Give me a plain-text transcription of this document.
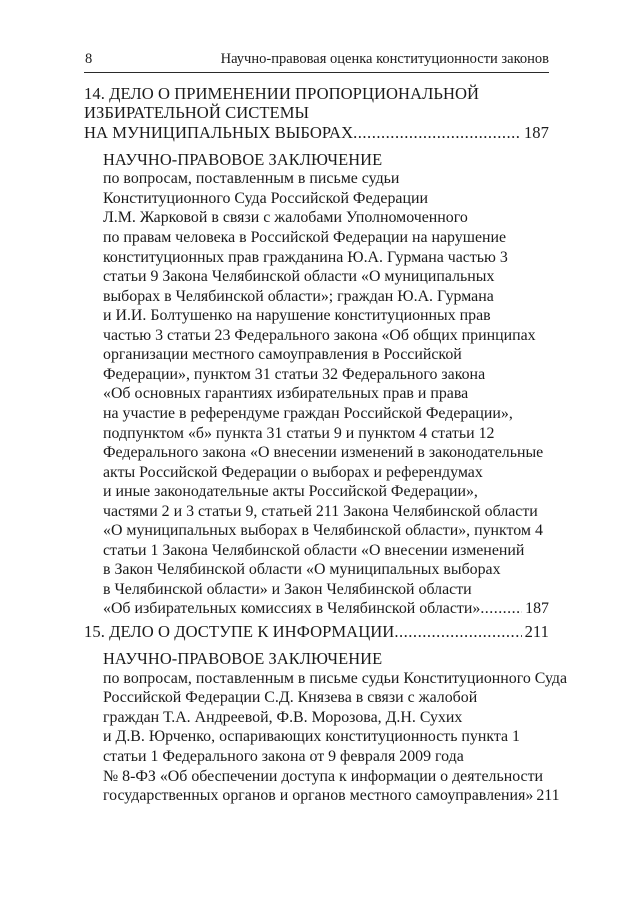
8	Научно-правовая оценка конституционности законов
14. ДЕЛО О ПРИМЕНЕНИИ ПРОПОРЦИОНАЛЬНОЙ
ИЗБИРАТЕЛЬНОЙ СИСТЕМЫ
НА МУНИЦИПАЛЬНЫХ ВЫБОРАХ .....	187
НАУЧНО-ПРАВОВОЕ ЗАКЛЮЧЕНИЕ
по вопросам, поставленным в письме судьи
Конституционного Суда Российской Федерации
Л.М. Жарковой в связи с жалобами Уполномоченного
по правам человека в Российской Федерации на нарушение
конституционных прав гражданина Ю.А. Гурмана частью 3
статьи 9 Закона Челябинской области «О муниципальных
выборах в Челябинской области»; граждан Ю.А. Гурмана
и И.И. Болтушенко на нарушение конституционных прав
частью 3 статьи 23 Федерального закона «Об общих принципах
организации местного самоуправления в Российской
Федерации», пунктом 31 статьи 32 Федерального закона
«Об основных гарантиях избирательных прав и права
на участие в референдуме граждан Российской Федерации»,
подпунктом «б» пункта 31 статьи 9 и пунктом 4 статьи 12
Федерального закона «О внесении изменений в законодательные
акты Российской Федерации о выборах и референдумах
и иные законодательные акты Российской Федерации»,
частями 2 и 3 статьи 9, статьей 211 Закона Челябинской области
«О муниципальных выборах в Челябинской области», пунктом 4
статьи 1 Закона Челябинской области «О внесении изменений
в Закон Челябинской области «О муниципальных выборах
в Челябинской области» и Закон Челябинской области
«Об избирательных комиссиях в Челябинской области» .....	187
15. ДЕЛО О ДОСТУПЕ К ИНФОРМАЦИИ .....	211
НАУЧНО-ПРАВОВОЕ ЗАКЛЮЧЕНИЕ
по вопросам, поставленным в письме судьи Конституционного Суда
Российской Федерации С.Д. Князева в связи с жалобой
граждан Т.А. Андреевой, Ф.В. Морозова, Д.Н. Сухих
и Д.В. Юрченко, оспаривающих конституционность пункта 1
статьи 1 Федерального закона от 9 февраля 2009 года
№ 8-ФЗ «Об обеспечении доступа к информации о деятельности
государственных органов и органов местного самоуправления» 211
